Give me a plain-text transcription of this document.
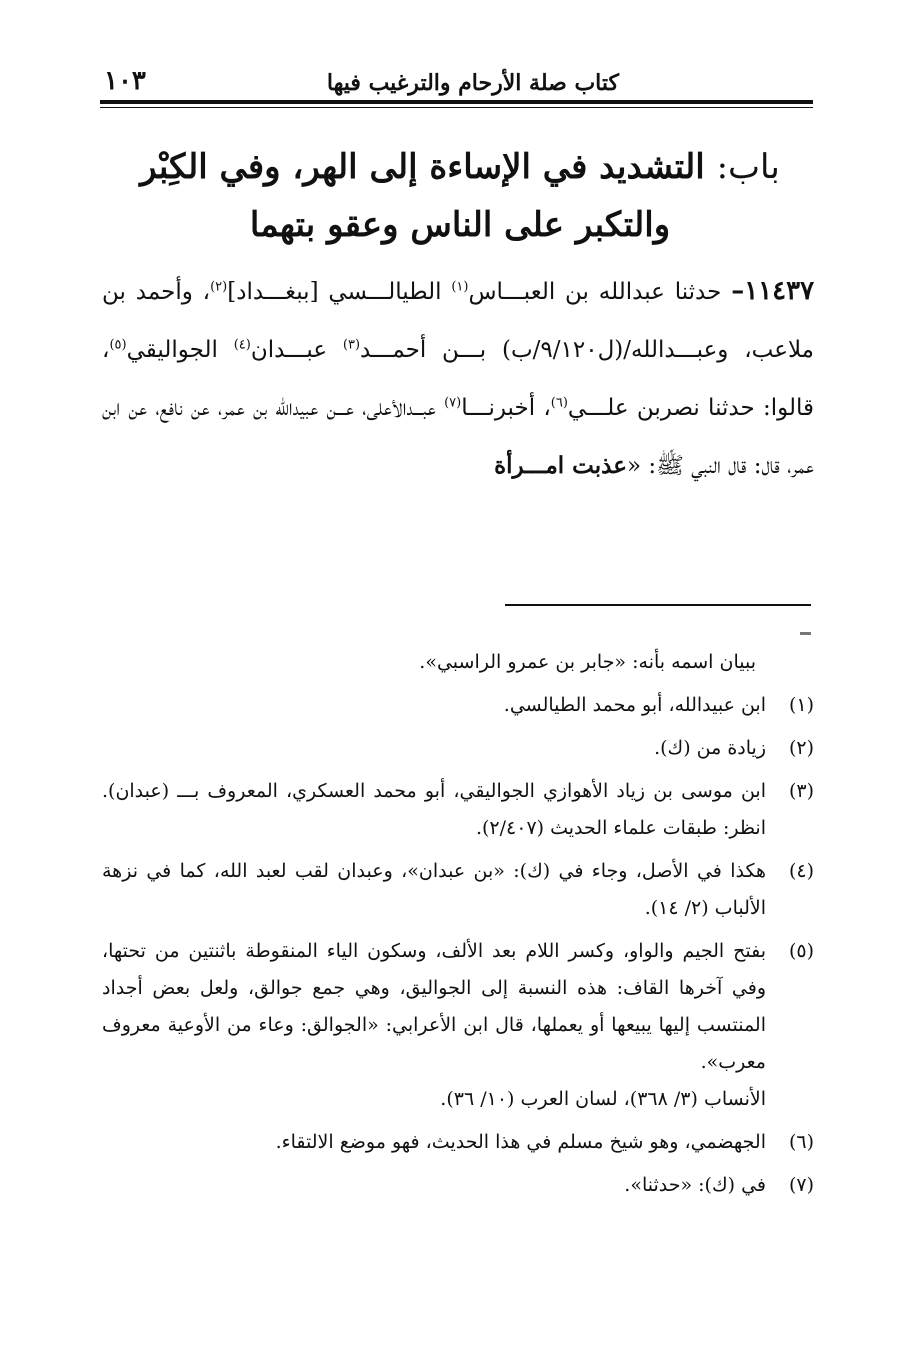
كتاب صلة الأرحام والترغيب فيها
١٠٣
باب: التشديد في الإساءة إلى الهر، وفي الكِبْر والتكبر على الناس وعقو بتهما

١١٤٣٧– حدثنا عبدالله بن العبـــاس$^{(١)}$ الطيالـــسي [ببغـــداد]$^{(٢)}$، وأحمد بن ملاعب، وعبـــدالله/(ل٩/١٢٠/ب) بـــن أحمـــد$^{(٣)}$ عبـــدان$^{(٤)}$ الجواليقي$^{(٥)}$، قالوا: حدثنا نصربن علـــي$^{(٦)}$، أخبرنـــا$^{(٧)}$ عبـــدالأعلى، عـــن عبيدالله بن عمر، عن نافع، عن ابن عمر، قال: قال النبي ﷺ: «عذبت امـــرأة

ببيان اسمه بأنه: «جابر بن عمرو الراسبي».

(١)

ابن عبيدالله، أبو محمد الطيالسي.

(٢)

زيادة من (ك).

(٣)

ابن موسى بن زياد الأهوازي الجواليقي، أبو محمد العسكري، المعروف بـــ (عبدان). انظر: طبقات علماء الحديث (٢/٤٠٧).

(٤)

هكذا في الأصل، وجاء في (ك): «بن عبدان»، وعبدان لقب لعبد الله، كما في نزهة الألباب (٢/ ١٤).

(٥)

بفتح الجيم والواو، وكسر اللام بعد الألف، وسكون الياء المنقوطة باثنتين من تحتها، وفي آخرها القاف: هذه النسبة إلى الجواليق، وهي جمع جوالق، ولعل بعض أجداد المنتسب إليها يبيعها أو يعملها، قال ابن الأعرابي: «الجوالق: وعاء من الأوعية معروف معرب».

الأنساب (٣/ ٣٦٨)، لسان العرب (١٠/ ٣٦).

(٦)

الجهضمي، وهو شيخ مسلم في هذا الحديث، فهو موضع الالتقاء.

(٧)

في (ك): «حدثنا».
